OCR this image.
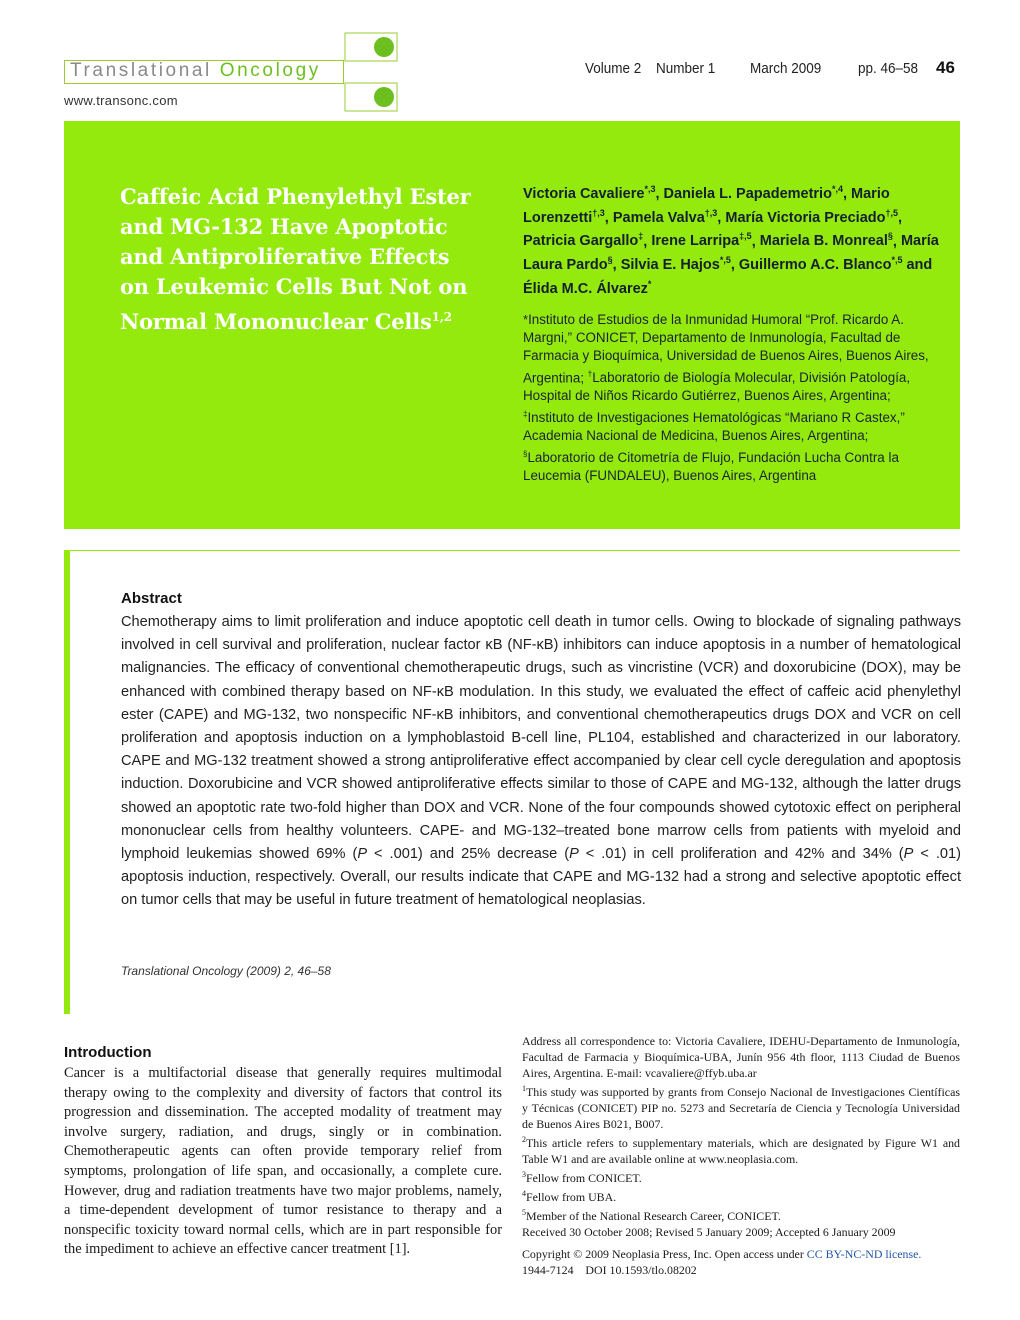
Translational Oncology
www.transonc.com
Volume 2 Number 1 March 2009 pp. 46–58 46
Caffeic Acid Phenylethyl Ester and MG-132 Have Apoptotic and Antiproliferative Effects on Leukemic Cells But Not on Normal Mononuclear Cells$^{1,2}$
Victoria Cavaliere$^{*,3}$, Daniela L. Papademetrio$^{*,4}$, Mario Lorenzetti$^{\dagger,3}$, Pamela Valva$^{\dagger,3}$, María Victoria Preciado$^{\dagger,5}$, Patricia Gargallo‡, Irene Larripa$^{\ddagger,5}$, Mariela B. Monreal§, María Laura Pardo§, Silvia E. Hajos$^{*,5}$, Guillermo A.C. Blanco$^{*,5}$ and Élida M.C. Álvarez*
*Instituto de Estudios de la Inmunidad Humoral “Prof. Ricardo A. Margni,” CONICET, Departamento de Inmunología, Facultad de Farmacia y Bioquímica, Universidad de Buenos Aires, Buenos Aires, Argentina; †Laboratorio de Biología Molecular, División Patología, Hospital de Niños Ricardo Gutiérrez, Buenos Aires, Argentina; ‡Instituto de Investigaciones Hematológicas “Mariano R Castex,” Academia Nacional de Medicina, Buenos Aires, Argentina; §Laboratorio de Citometría de Flujo, Fundación Lucha Contra la Leucemia (FUNDALEU), Buenos Aires, Argentina
Abstract
Chemotherapy aims to limit proliferation and induce apoptotic cell death in tumor cells. Owing to blockade of signaling pathways involved in cell survival and proliferation, nuclear factor κB (NF-κB) inhibitors can induce apoptosis in a number of hematological malignancies. The efficacy of conventional chemotherapeutic drugs, such as vincristine (VCR) and doxorubicine (DOX), may be enhanced with combined therapy based on NF-κB modulation. In this study, we evaluated the effect of caffeic acid phenylethyl ester (CAPE) and MG-132, two nonspecific NF-κB inhibitors, and conventional chemotherapeutics drugs DOX and VCR on cell proliferation and apoptosis induction on a lymphoblastoid B-cell line, PL104, established and characterized in our laboratory. CAPE and MG-132 treatment showed a strong antiproliferative effect accompanied by clear cell cycle deregulation and apoptosis induction. Doxorubicine and VCR showed antiproliferative effects similar to those of CAPE and MG-132, although the latter drugs showed an apoptotic rate two-fold higher than DOX and VCR. None of the four compounds showed cytotoxic effect on peripheral mononuclear cells from healthy volunteers. CAPE- and MG-132–treated bone marrow cells from patients with myeloid and lymphoid leukemias showed 69% (P < .001) and 25% decrease (P < .01) in cell proliferation and 42% and 34% (P < .01) apoptosis induction, respectively. Overall, our results indicate that CAPE and MG-132 had a strong and selective apoptotic effect on tumor cells that may be useful in future treatment of hematological neoplasias.
Translational Oncology (2009) 2, 46–58
Introduction
Cancer is a multifactorial disease that generally requires multimodal therapy owing to the complexity and diversity of factors that control its progression and dissemination. The accepted modality of treatment may involve surgery, radiation, and drugs, singly or in combination. Chemotherapeutic agents can often provide temporary relief from symptoms, prolongation of life span, and occasionally, a complete cure. However, drug and radiation treatments have two major problems, namely, a time-dependent development of tumor resistance to therapy and a nonspecific toxicity toward normal cells, which are in part responsible for the impediment to achieve an effective cancer treatment [1].

Address all correspondence to: Victoria Cavaliere, IDEHU-Departamento de Inmunología, Facultad de Farmacia y Bioquímica-UBA, Junín 956 4th floor, 1113 Ciudad de Buenos Aires, Argentina. E-mail: vcavaliere@ffyb.uba.ar

$^1$This study was supported by grants from Consejo Nacional de Investigaciones Científicas y Técnicas (CONICET) PIP no. 5273 and Secretaría de Ciencia y Tecnología Universidad de Buenos Aires B021, B007.

$^2$This article refers to supplementary materials, which are designated by Figure W1 and Table W1 and are available online at www.neoplasia.com.

$^3$Fellow from CONICET.

$^4$Fellow from UBA.

$^5$Member of the National Research Career, CONICET.

Received 30 October 2008; Revised 5 January 2009; Accepted 6 January 2009

Copyright © 2009 Neoplasia Press, Inc. Open access under CC BY-NC-ND license.

1944-7124 DOI 10.1593/tlo.08202
